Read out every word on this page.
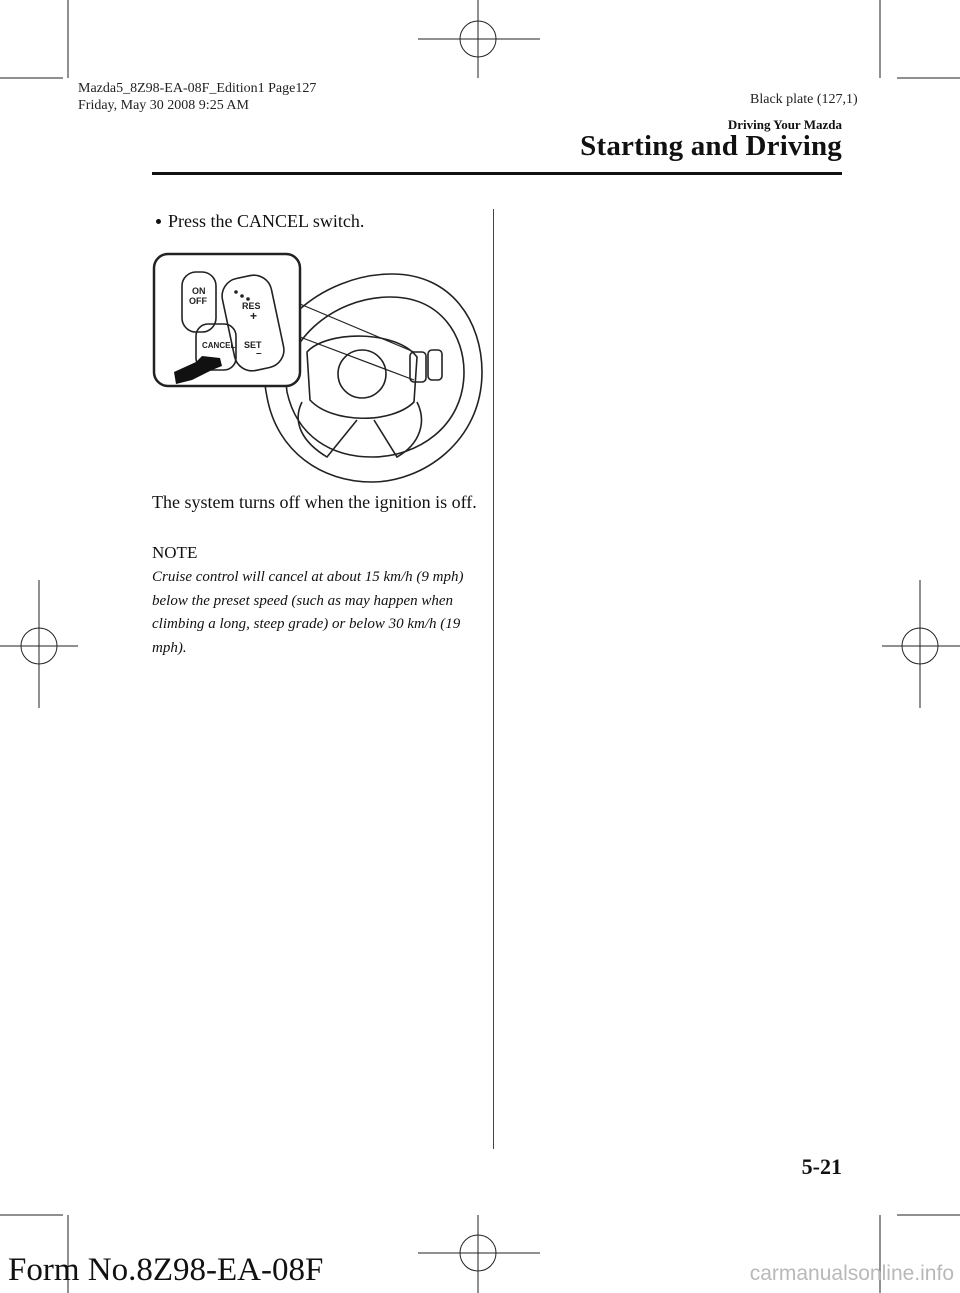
Mazda5_8Z98-EA-08F_Edition1 Page127
Friday, May 30 2008 9:25 AM	Black plate (127,1)
Driving Your Mazda
Starting and Driving
Press the CANCEL switch.
ON
OFF	RES
+
CANCEL SET
–
The system turns off when the ignition is off.
NOTE
Cruise control will cancel at about 15 km/h (9 mph) below the preset speed (such as may happen when climbing a long, steep grade) or below 30 km/h (19 mph).
5-21
Form No.8Z98-EA-08F	carmanualsonline.info
